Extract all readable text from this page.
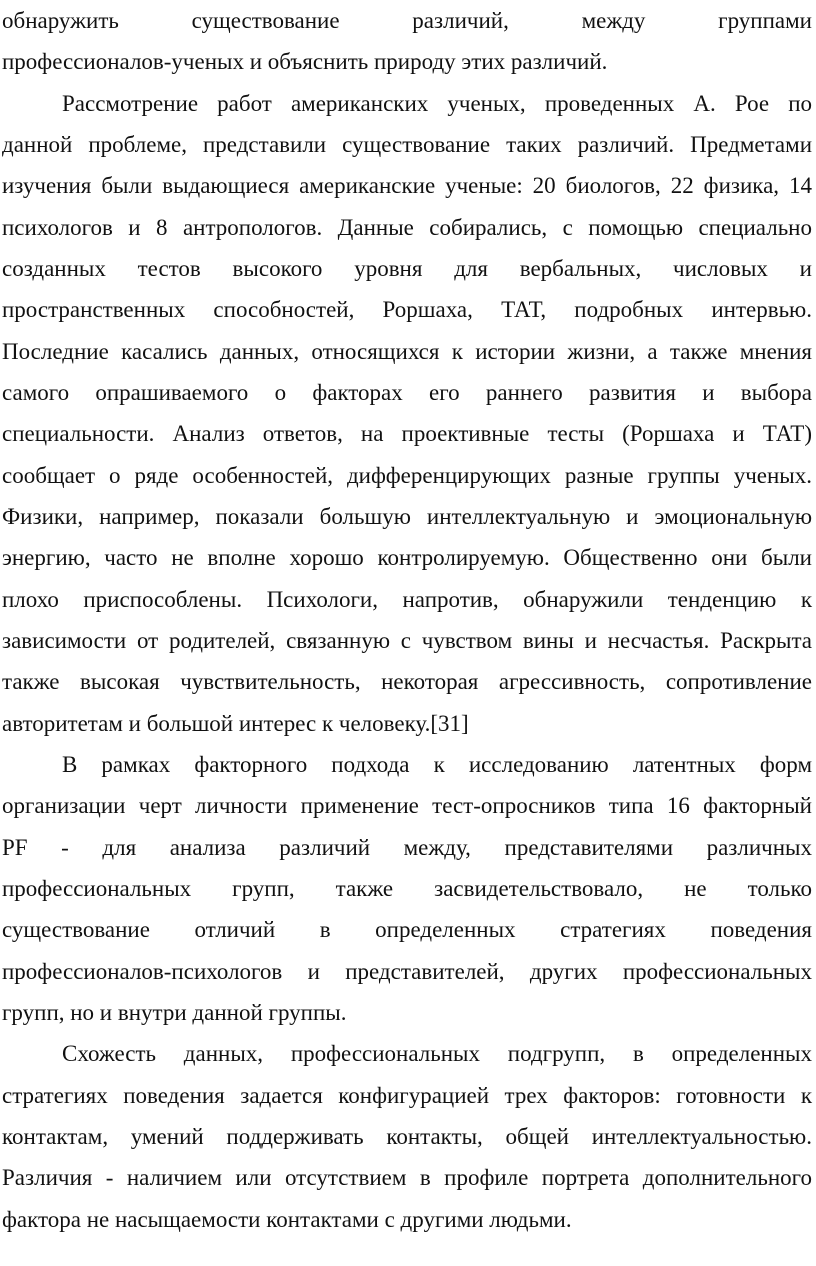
обнаружить существование различий, между группами
профессионалов-ученых и объяснить природу этих различий.
Рассмотрение работ американских ученых, проведенных А. Рое по
данной проблеме, представили существование таких различий. Предметами
изучения были выдающиеся американские ученые: 20 биологов, 22 физика, 14
психологов и 8 антропологов. Данные собирались, с помощью специально
созданных тестов высокого уровня для вербальных, числовых и
пространственных способностей, Роршаха, ТАТ, подробных интервью.
Последние касались данных, относящихся к истории жизни, а также мнения
самого опрашиваемого о факторах его раннего развития и выбора
специальности. Анализ ответов, на проективные тесты (Роршаха и ТАТ)
сообщает о ряде особенностей, дифференцирующих разные группы ученых.
Физики, например, показали большую интеллектуальную и эмоциональную
энергию, часто не вполне хорошо контролируемую. Общественно они были
плохо приспособлены. Психологи, напротив, обнаружили тенденцию к
зависимости от родителей, связанную с чувством вины и несчастья. Раскрыта
также высокая чувствительность, некоторая агрессивность, сопротивление
авторитетам и большой интерес к человеку.[31]
В рамках факторного подхода к исследованию латентных форм
организации черт личности применение тест-опросников типа 16 факторный
PF - для анализа различий между, представителями различных
профессиональных групп, также засвидетельствовало, не только
существование отличий в определенных стратегиях поведения
профессионалов-психологов и представителей, других профессиональных
групп, но и внутри данной группы.
Схожесть данных, профессиональных подгрупп, в определенных
стратегиях поведения задается конфигурацией трех факторов: готовности к
контактам, умений поддерживать контакты, общей интеллектуальностью.
Различия - наличием или отсутствием в профиле портрета дополнительного
фактора не насыщаемости контактами с другими людьми.
